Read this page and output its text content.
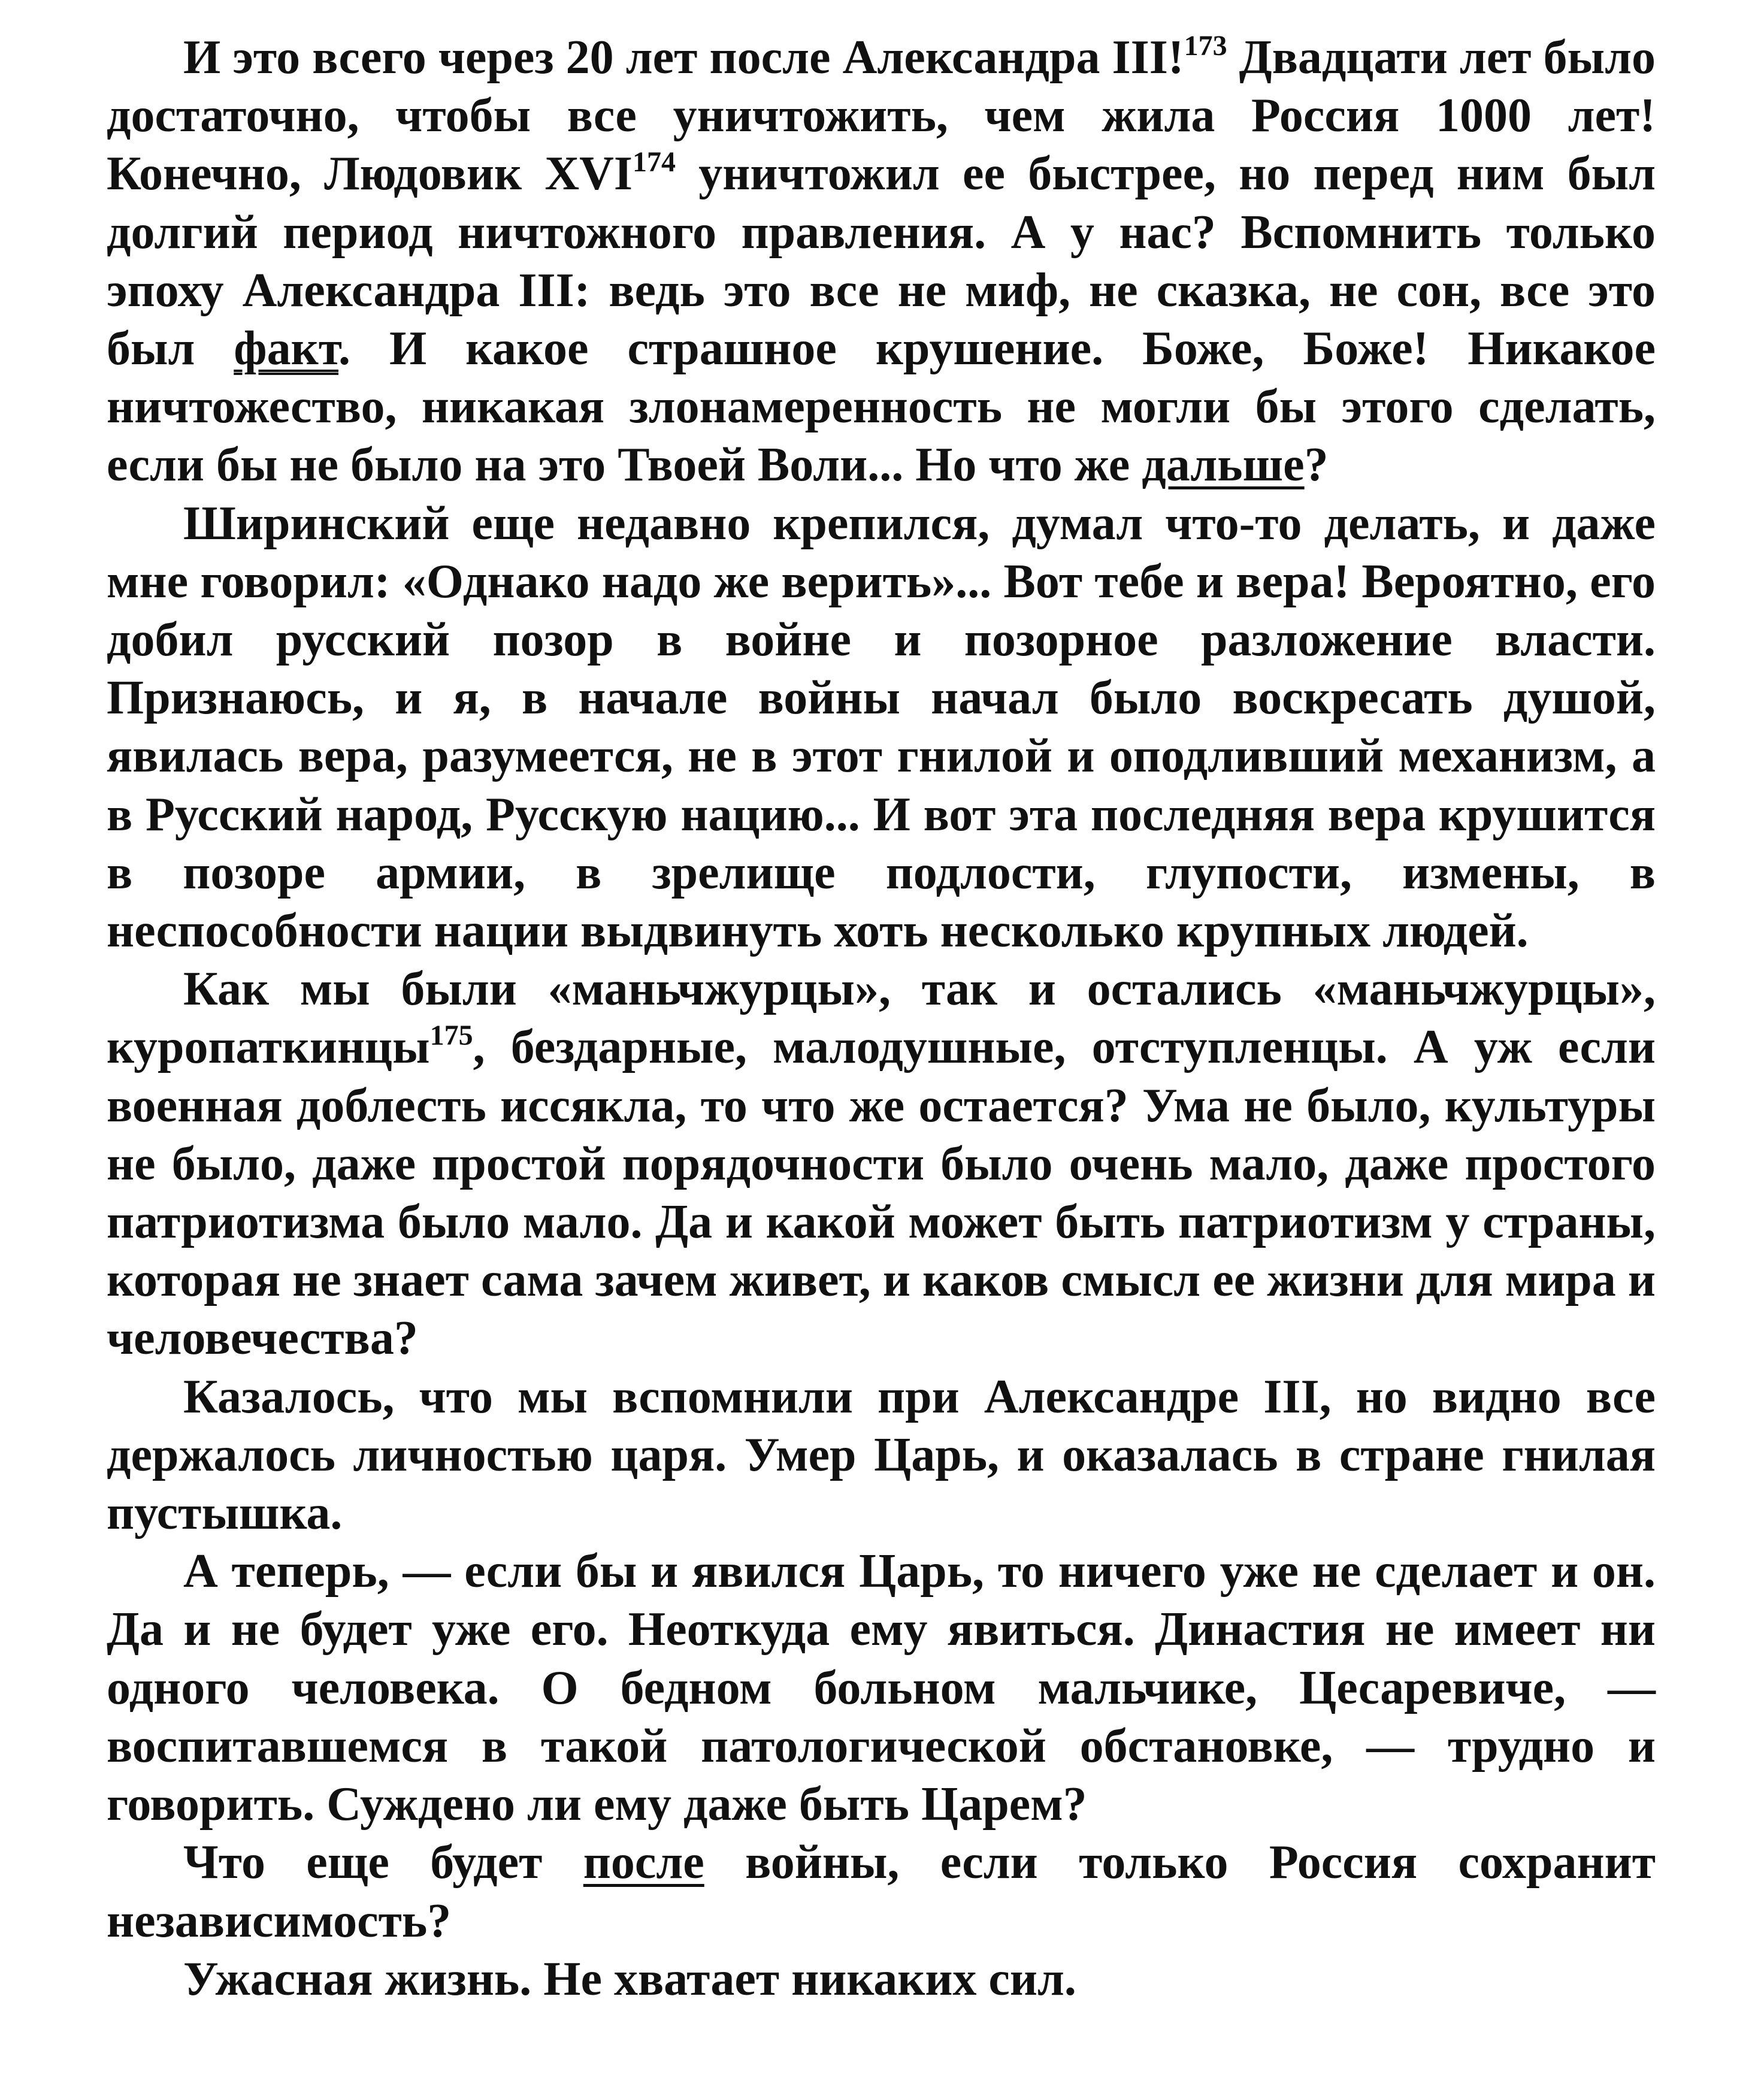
И это всего через 20 лет после Александра III!$^{173}$ Двадцати лет было достаточно, чтобы все уничтожить, чем жила Россия 1000 лет! Конечно, Людовик XVI$^{174}$ уничтожил ее быстрее, но перед ним был долгий период ничтожного правления. А у нас? Вспомнить только эпоху Александра III: ведь это все не миф, не сказка, не сон, все это был факт. И какое страшное крушение. Боже, Боже! Никакое ничтожество, никакая злонамеренность не могли бы этого сделать, если бы не было на это Твоей Воли... Но что же дальше?

Ширинский еще недавно крепился, думал что-то делать, и даже мне говорил: «Однако надо же верить»... Вот тебе и вера! Вероятно, его добил русский позор в войне и позорное разложение власти. Признаюсь, и я, в начале войны начал было воскресать душой, явилась вера, разумеется, не в этот гнилой и оподливший механизм, а в Русский народ, Русскую нацию... И вот эта последняя вера крушится в позоре армии, в зрелище подлости, глупости, измены, в неспособности нации выдвинуть хоть несколько крупных людей.

Как мы были «маньчжурцы», так и остались «маньчжурцы», куропаткинцы$^{175}$, бездарные, малодушные, отступленцы. А уж если военная доблесть иссякла, то что же остается? Ума не было, культуры не было, даже простой порядочности было очень мало, даже простого патриотизма было мало. Да и какой может быть патриотизм у страны, которая не знает сама зачем живет, и каков смысл ее жизни для мира и человечества?

Казалось, что мы вспомнили при Александре III, но видно все держалось личностью царя. Умер Царь, и оказалась в стране гнилая пустышка.

А теперь, — если бы и явился Царь, то ничего уже не сделает и он. Да и не будет уже его. Неоткуда ему явиться. Династия не имеет ни одного человека. О бедном больном мальчике, Цесаревиче, — воспитавшемся в такой патологической обстановке, — трудно и говорить. Суждено ли ему даже быть Царем?

Что еще будет после войны, если только Россия сохранит независимость?

Ужасная жизнь. Не хватает никаких сил.
